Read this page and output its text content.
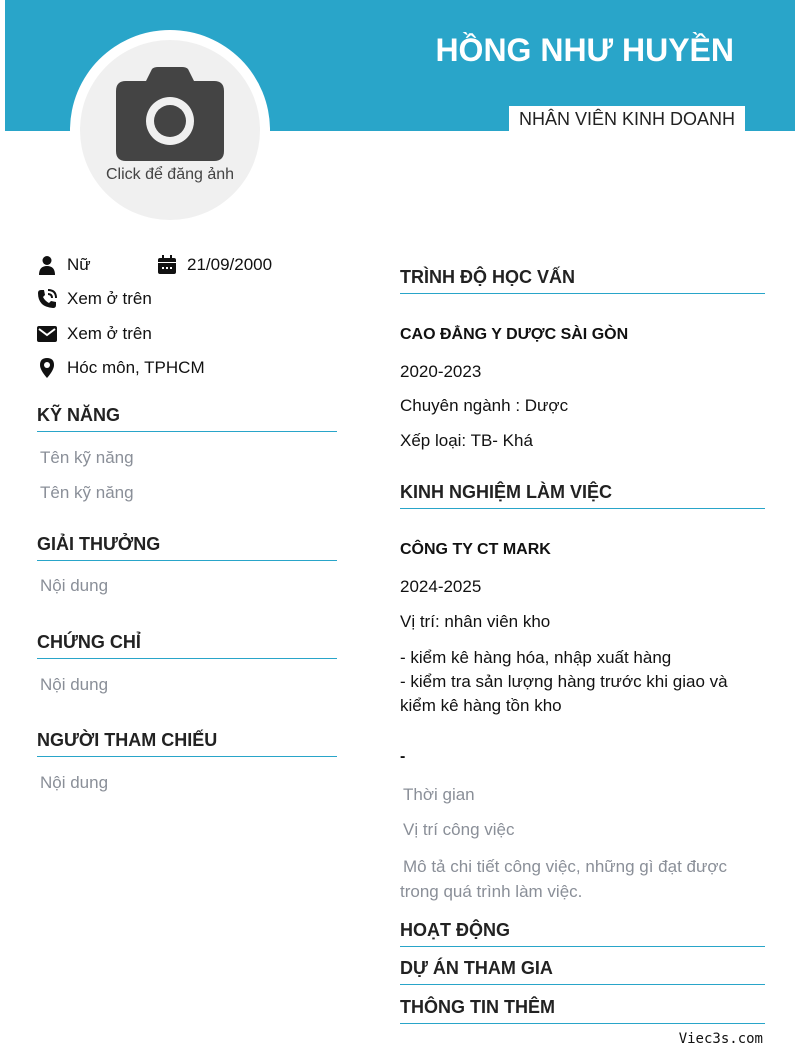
HỒNG NHƯ HUYỀN
NHÂN VIÊN KINH DOANH
Click để đăng ảnh
Nữ	21/09/2000
Xem ở trên
Xem ở trên
Hóc môn, TPHCM
KỸ NĂNG
Tên kỹ năng
Tên kỹ năng
GIẢI THƯỞNG
Nội dung
CHỨNG CHỈ
Nội dung
NGƯỜI THAM CHIẾU
Nội dung
TRÌNH ĐỘ HỌC VẤN
CAO ĐẲNG Y DƯỢC SÀI GÒN
2020-2023
Chuyên ngành : Dược
Xếp loại: TB- Khá
KINH NGHIỆM LÀM VIỆC
CÔNG TY CT MARK
2024-2025
Vị trí: nhân viên kho
- kiểm kê hàng hóa, nhập xuất hàng
- kiểm tra sản lượng hàng trước khi giao và kiểm kê hàng tồn kho
-
Thời gian
Vị trí công việc
Mô tả chi tiết công việc, những gì đạt được trong quá trình làm việc.
HOẠT ĐỘNG
DỰ ÁN THAM GIA
THÔNG TIN THÊM
Viec3s.com
